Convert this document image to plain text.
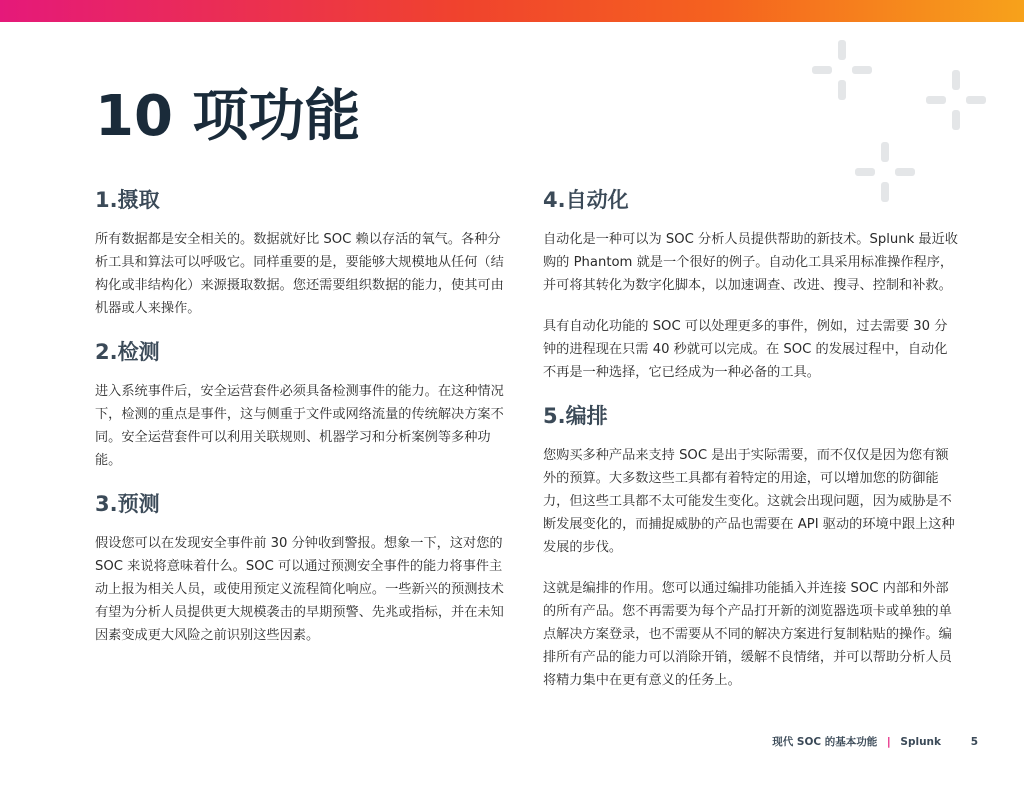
10 项功能
1.摄取

所有数据都是安全相关的。数据就好比 SOC 赖以存活的氧气。各种分析工具和算法可以呼吸它。同样重要的是，要能够大规模地从任何（结构化或非结构化）来源摄取数据。您还需要组织数据的能力，使其可由机器或人来操作。

2.检测

进入系统事件后，安全运营套件必须具备检测事件的能力。在这种情况下，检测的重点是事件，这与侧重于文件或网络流量的传统解决方案不同。安全运营套件可以利用关联规则、机器学习和分析案例等多种功能。

3.预测

假设您可以在发现安全事件前 30 分钟收到警报。想象一下，这对您的 SOC 来说将意味着什么。SOC 可以通过预测安全事件的能力将事件主动上报为相关人员，或使用预定义流程简化响应。一些新兴的预测技术有望为分析人员提供更大规模袭击的早期预警、先兆或指标，并在未知因素变成更大风险之前识别这些因素。

4.自动化

自动化是一种可以为 SOC 分析人员提供帮助的新技术。Splunk 最近收购的 Phantom 就是一个很好的例子。自动化工具采用标准操作程序，并可将其转化为数字化脚本，以加速调查、改进、搜寻、控制和补救。

具有自动化功能的 SOC 可以处理更多的事件，例如，过去需要 30 分钟的进程现在只需 40 秒就可以完成。在 SOC 的发展过程中，自动化不再是一种选择，它已经成为一种必备的工具。

5.编排

您购买多种产品来支持 SOC 是出于实际需要，而不仅仅是因为您有额外的预算。大多数这些工具都有着特定的用途，可以增加您的防御能力，但这些工具都不太可能发生变化。这就会出现问题，因为威胁是不断发展变化的，而捕捉威胁的产品也需要在 API 驱动的环境中跟上这种发展的步伐。

这就是编排的作用。您可以通过编排功能插入并连接 SOC 内部和外部的所有产品。您不再需要为每个产品打开新的浏览器选项卡或单独的单点解决方案登录，也不需要从不同的解决方案进行复制粘贴的操作。编排所有产品的能力可以消除开销，缓解不良情绪，并可以帮助分析人员将精力集中在更有意义的任务上。

现代 SOC 的基本功能 | Splunk	5
